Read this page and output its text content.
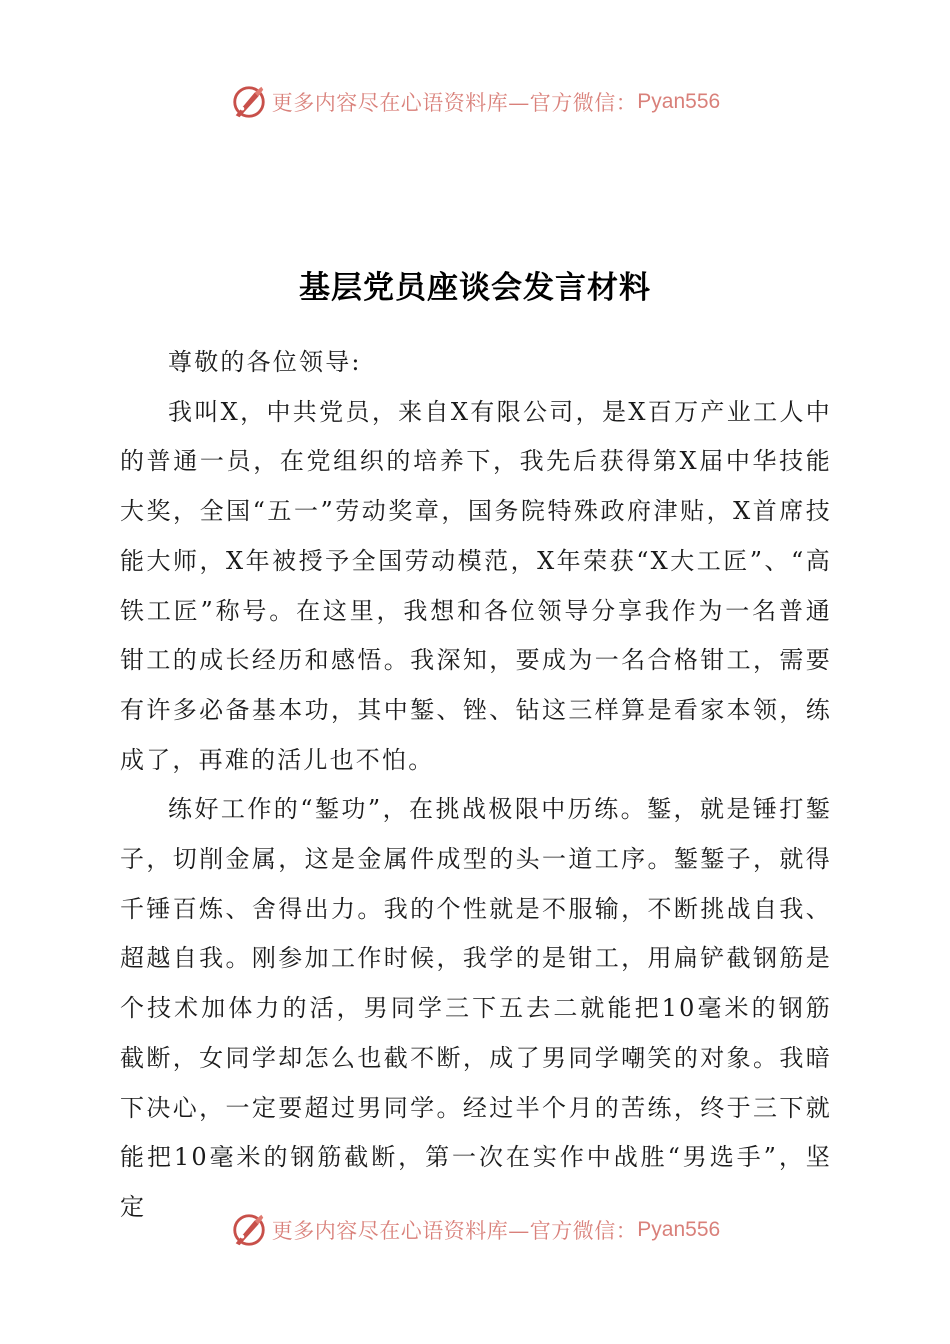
更多内容尽在心语资料库—官方微信： Pyan556
基层党员座谈会发言材料

尊敬的各位领导:

我叫X，中共党员，来自X有限公司，是X百万产业工人中的普通一员，在党组织的培养下，我先后获得第X届中华技能大奖，全国“五一”劳动奖章，国务院特殊政府津贴，X首席技能大师，X年被授予全国劳动模范，X年荣获“X大工匠”、“高铁工匠”称号。在这里，我想和各位领导分享我作为一名普通钳工的成长经历和感悟。我深知，要成为一名合格钳工，需要有许多必备基本功，其中錾、锉、钻这三样算是看家本领，练成了，再难的活儿也不怕。

练好工作的“錾功”，在挑战极限中历练。錾，就是锤打錾子，切削金属，这是金属件成型的头一道工序。錾錾子，就得千锤百炼、舍得出力。我的个性就是不服输，不断挑战自我、超越自我。刚参加工作时候，我学的是钳工，用扁铲截钢筋是个技术加体力的活，男同学三下五去二就能把10毫米的钢筋截断，女同学却怎么也截不断，成了男同学嘲笑的对象。我暗下决心，一定要超过男同学。经过半个月的苦练，终于三下就能把10毫米的钢筋截断，第一次在实作中战胜“男选手”，坚定

更多内容尽在心语资料库—官方微信： Pyan556
